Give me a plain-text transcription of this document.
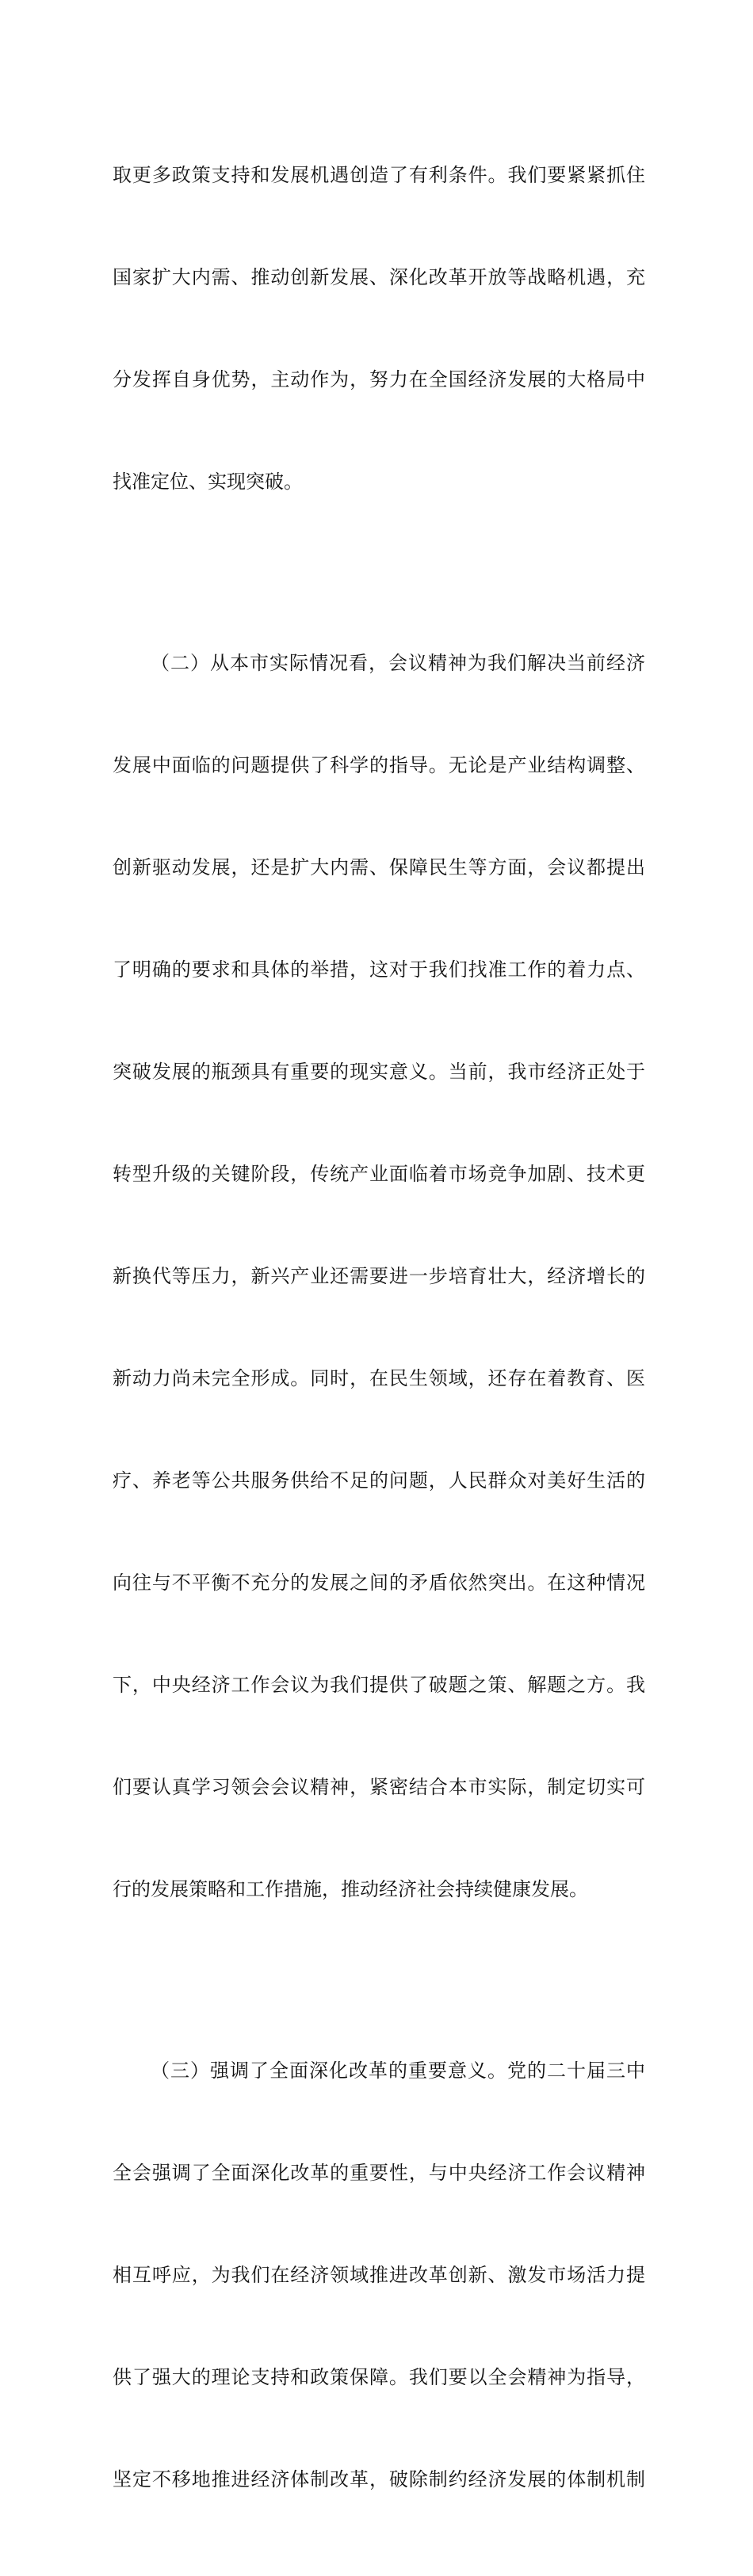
取更多政策支持和发展机遇创造了有利条件。我们要紧紧抓住

国家扩大内需、推动创新发展、深化改革开放等战略机遇，充

分发挥自身优势，主动作为，努力在全国经济发展的大格局中

找准定位、实现突破。

（二）从本市实际情况看，会议精神为我们解决当前经济

发展中面临的问题提供了科学的指导。无论是产业结构调整、

创新驱动发展，还是扩大内需、保障民生等方面，会议都提出

了明确的要求和具体的举措，这对于我们找准工作的着力点、

突破发展的瓶颈具有重要的现实意义。当前，我市经济正处于

转型升级的关键阶段，传统产业面临着市场竞争加剧、技术更

新换代等压力，新兴产业还需要进一步培育壮大，经济增长的

新动力尚未完全形成。同时，在民生领域，还存在着教育、医

疗、养老等公共服务供给不足的问题，人民群众对美好生活的

向往与不平衡不充分的发展之间的矛盾依然突出。在这种情况

下，中央经济工作会议为我们提供了破题之策、解题之方。我

们要认真学习领会会议精神，紧密结合本市实际，制定切实可

行的发展策略和工作措施，推动经济社会持续健康发展。

（三）强调了全面深化改革的重要意义。党的二十届三中

全会强调了全面深化改革的重要性，与中央经济工作会议精神

相互呼应，为我们在经济领域推进改革创新、激发市场活力提

供了强大的理论支持和政策保障。我们要以全会精神为指导，

坚定不移地推进经济体制改革，破除制约经济发展的体制机制
